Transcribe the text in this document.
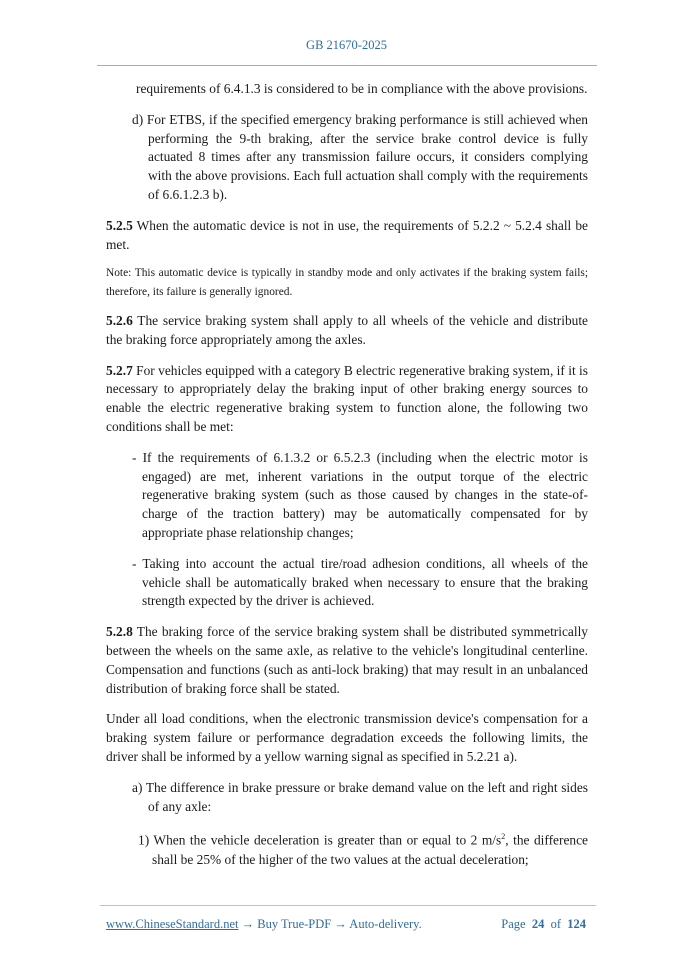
GB 21670-2025

requirements of 6.4.1.3 is considered to be in compliance with the above provisions.

d) For ETBS, if the specified emergency braking performance is still achieved when performing the 9-th braking, after the service brake control device is fully actuated 8 times after any transmission failure occurs, it considers complying with the above provisions. Each full actuation shall comply with the requirements of 6.6.1.2.3 b).

5.2.5 When the automatic device is not in use, the requirements of 5.2.2 ~ 5.2.4 shall be met.

Note: This automatic device is typically in standby mode and only activates if the braking system fails; therefore, its failure is generally ignored.

5.2.6 The service braking system shall apply to all wheels of the vehicle and distribute the braking force appropriately among the axles.

5.2.7 For vehicles equipped with a category B electric regenerative braking system, if it is necessary to appropriately delay the braking input of other braking energy sources to enable the electric regenerative braking system to function alone, the following two conditions shall be met:

- If the requirements of 6.1.3.2 or 6.5.2.3 (including when the electric motor is engaged) are met, inherent variations in the output torque of the electric regenerative braking system (such as those caused by changes in the state-of-charge of the traction battery) may be automatically compensated for by appropriate phase relationship changes;

- Taking into account the actual tire/road adhesion conditions, all wheels of the vehicle shall be automatically braked when necessary to ensure that the braking strength expected by the driver is achieved.

5.2.8 The braking force of the service braking system shall be distributed symmetrically between the wheels on the same axle, as relative to the vehicle's longitudinal centerline. Compensation and functions (such as anti-lock braking) that may result in an unbalanced distribution of braking force shall be stated.

Under all load conditions, when the electronic transmission device's compensation for a braking system failure or performance degradation exceeds the following limits, the driver shall be informed by a yellow warning signal as specified in 5.2.21 a).

a) The difference in brake pressure or brake demand value on the left and right sides of any axle:

1) When the vehicle deceleration is greater than or equal to 2 $m/s^2$, the difference shall be 25% of the higher of the two values at the actual deceleration;

www.ChineseStandard.net → Buy True-PDF → Auto-delivery.	Page 24 of 124
